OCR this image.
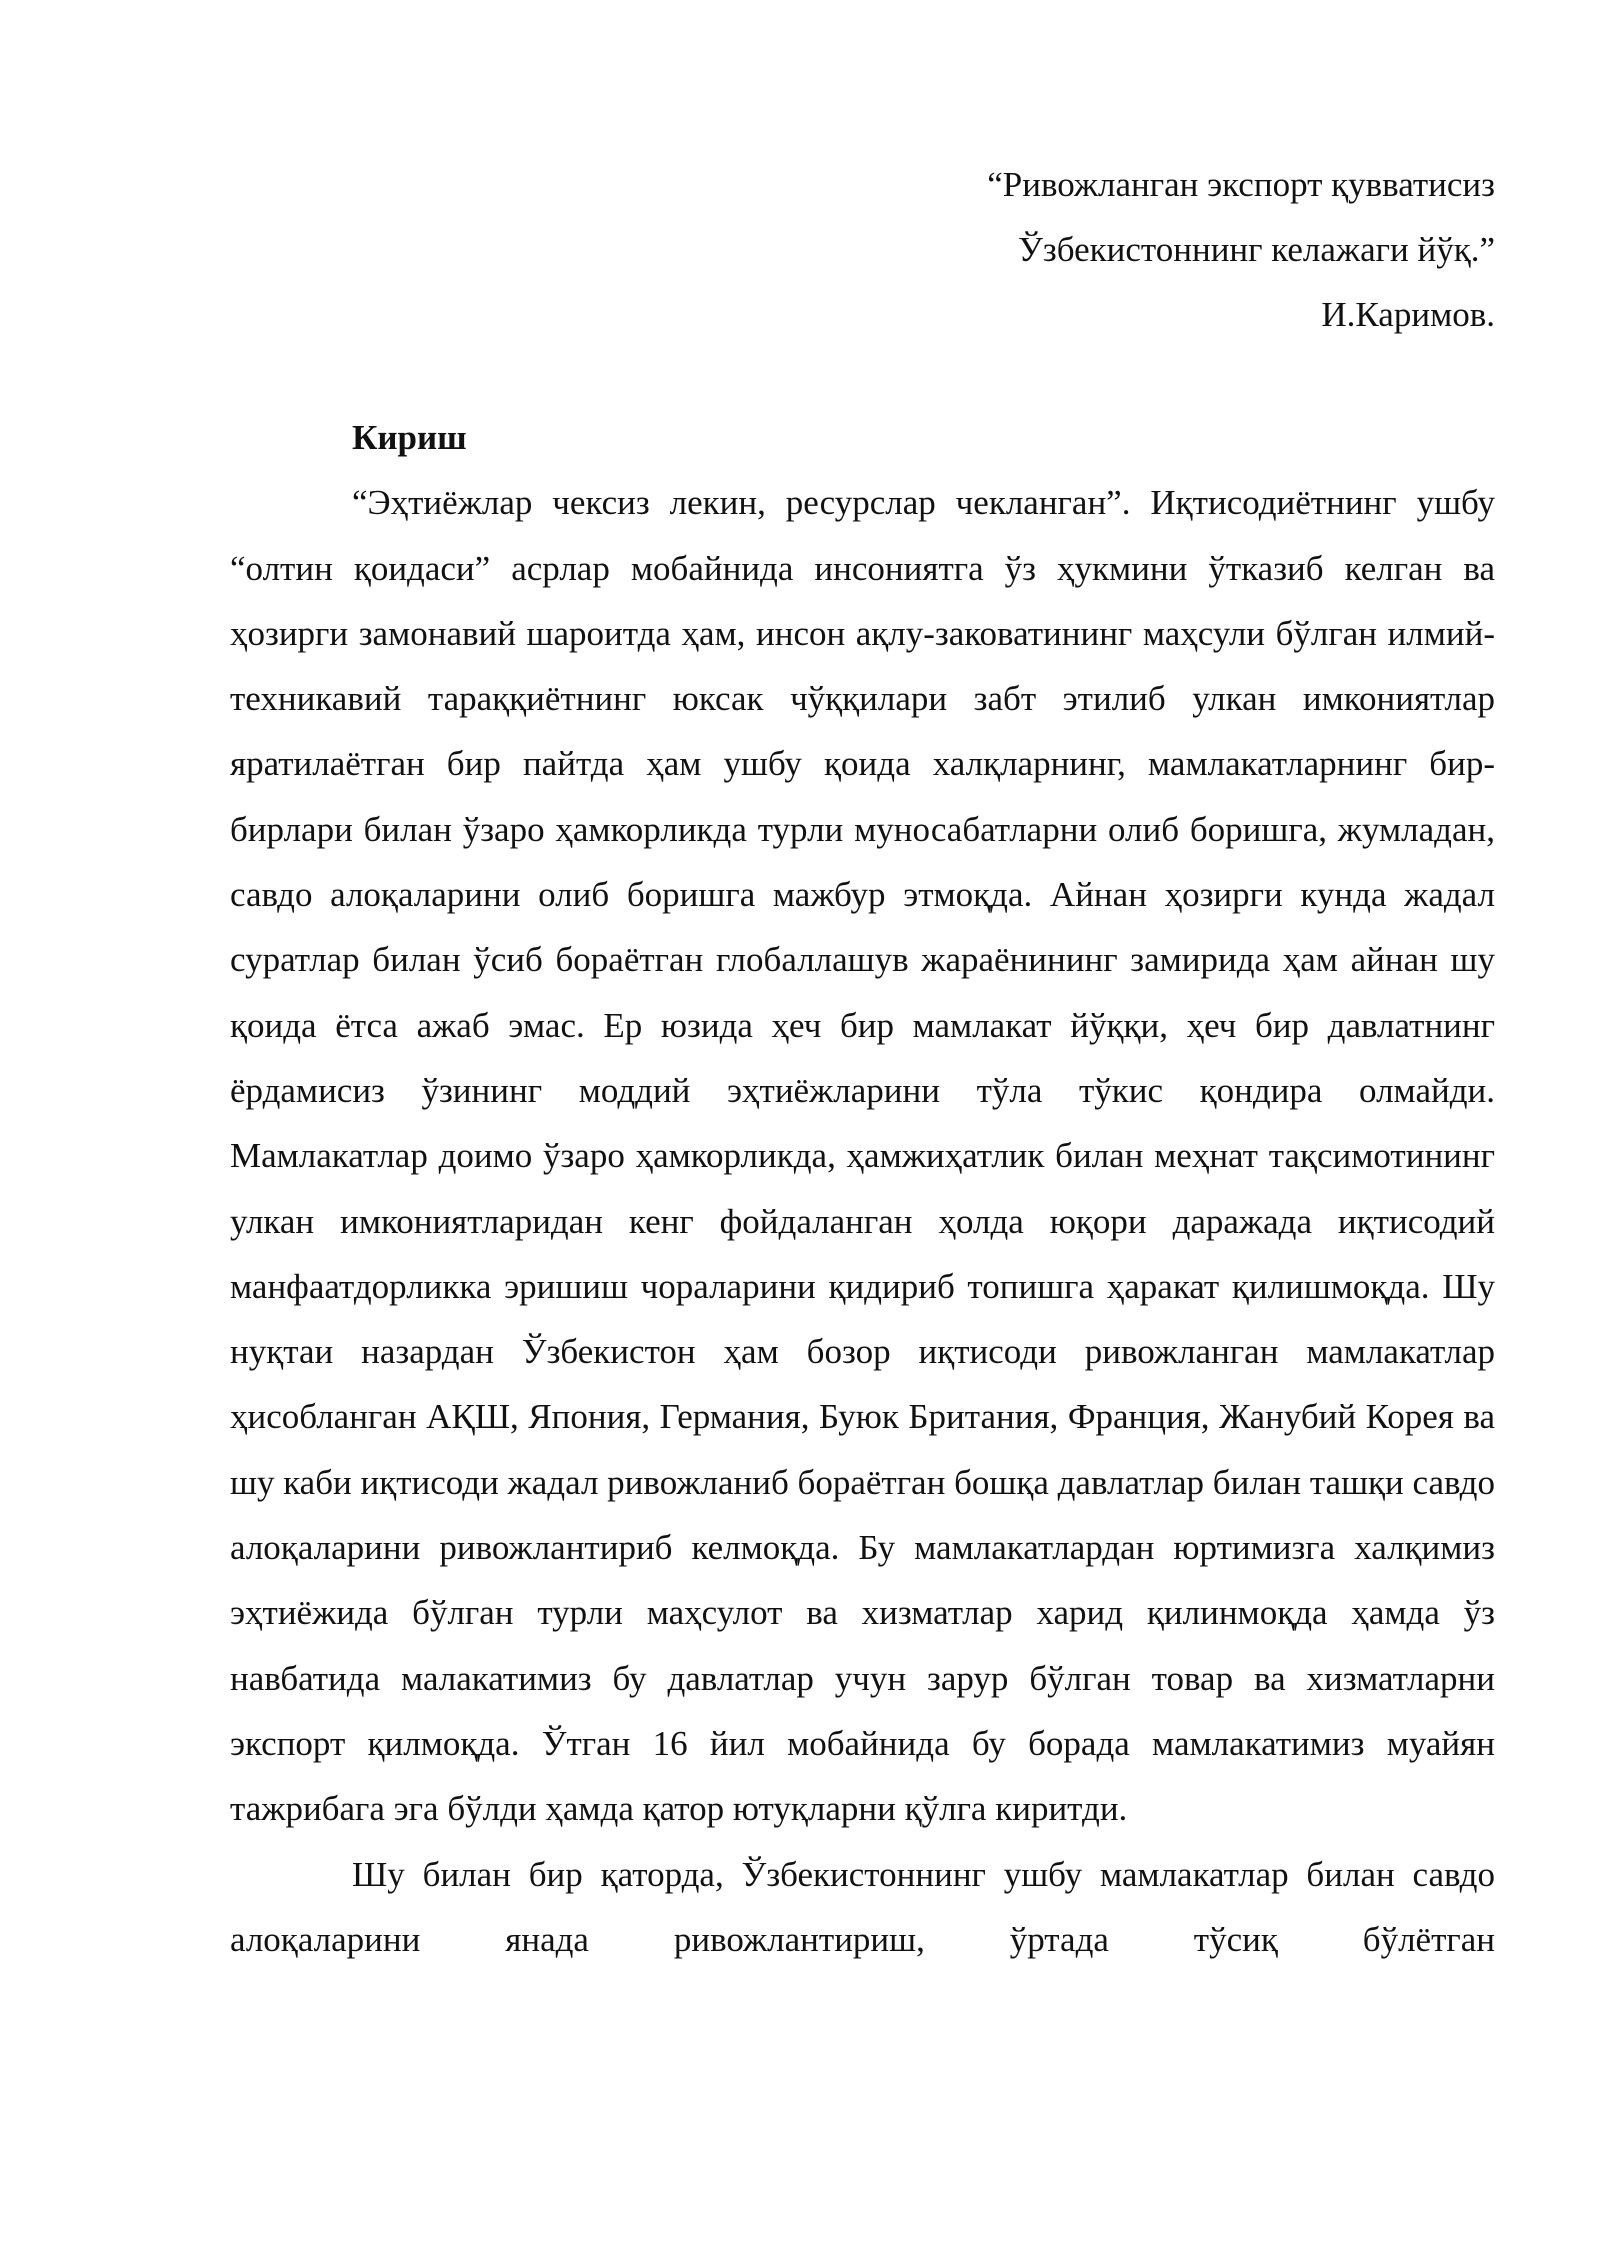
“Ривожланган экспорт қувватисиз
Ўзбекистоннинг келажаги йўқ.”
И.Каримов.

Кириш

“Эҳтиёжлар чексиз лекин, ресурслар чекланган”. Иқтисодиётнинг ушбу “олтин қоидаси” асрлар мобайнида инсониятга ўз ҳукмини ўтказиб келган ва ҳозирги замонавий шароитда ҳам, инсон ақлу-заковатининг маҳсули бўлган илмий-техникавий тараққиётнинг юксак чўққилари забт этилиб улкан имкониятлар яратилаётган бир пайтда ҳам ушбу қоида халқларнинг, мамлакатларнинг бир-бирлари билан ўзаро ҳамкорликда турли муносабатларни олиб боришга, жумладан, савдо алоқаларини олиб боришга мажбур этмоқда. Айнан ҳозирги кунда жадал суратлар билан ўсиб бораётган глобаллашув жараёнининг замирида ҳам айнан шу қоида ётса ажаб эмас. Ер юзида ҳеч бир мамлакат йўққи, ҳеч бир давлатнинг ёрдамисиз ўзининг моддий эҳтиёжларини тўла тўкис қондира олмайди. Мамлакатлар доимо ўзаро ҳамкорликда, ҳамжиҳатлик билан меҳнат тақсимотининг улкан имкониятларидан кенг фойдаланган ҳолда юқори даражада иқтисодий манфаатдорликка эришиш чораларини қидириб топишга ҳаракат қилишмоқда. Шу нуқтаи назардан Ўзбекистон ҳам бозор иқтисоди ривожланган мамлакатлар ҳисобланган АҚШ, Япония, Германия, Буюк Британия, Франция, Жанубий Корея ва шу каби иқтисоди жадал ривожланиб бораётган бошқа давлатлар билан ташқи савдо алоқаларини ривожлантириб келмоқда. Бу мамлакатлардан юртимизга халқимиз эҳтиёжида бўлган турли маҳсулот ва хизматлар харид қилинмоқда ҳамда ўз навбатида малакатимиз бу давлатлар учун зарур бўлган товар ва хизматларни экспорт қилмоқда. Ўтган 16 йил мобайнида бу борада мамлакатимиз муайян тажрибага эга бўлди ҳамда қатор ютуқларни қўлга киритди.

Шу билан бир қаторда, Ўзбекистоннинг ушбу мамлакатлар билан савдо алоқаларини янада ривожлантириш, ўртада тўсиқ бўлётган
